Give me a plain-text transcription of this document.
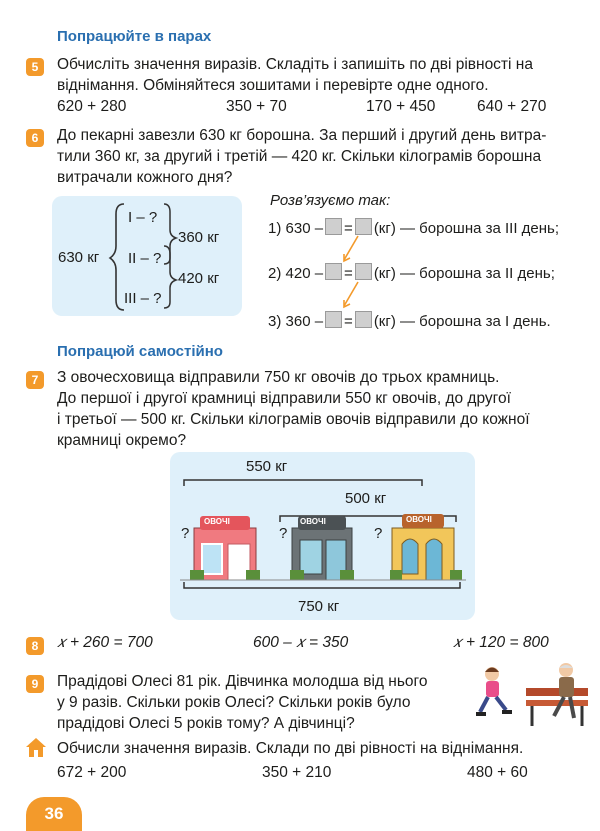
Попрацюйте в парах
5	Обчисліть значення виразів. Складіть і запишіть по дві рівності на
віднімання. Обміняйтеся зошитами і перевірте одне одного.
620 + 280	350 + 70	170 + 450	640 + 270
6	До пекарні завезли 630 кг борошна. За перший і другий день витра-
тили 360 кг, за другий і третій — 420 кг. Скільки кілограмів борошна
витрачали кожного дня?
630 кг
І – ?
ІІ – ?
ІІІ – ?
360 кг
420 кг
Розв’язуємо так:
1) 630 – = (кг) — борошна за ІІІ день;
2) 420 – = (кг) — борошна за ІІ день;
3) 360 – = (кг) — борошна за І день.
Попрацюй самостійно
7	З овочесховища відправили 750 кг овочів до трьох крамниць.
До першої і другої крамниці відправили 550 кг овочів, до другої
і третьої — 500 кг. Скільки кілограмів овочів відправили до кожної
крамниці окремо?
550 кг
500 кг
750 кг
ОВОЧІ	ОВОЧІ	ОВОЧІ
?	?	?
8	𝑥 + 260 = 700	600 – 𝑥 = 350	𝑥 + 120 = 800
9	Прадідові Олесі 81 рік. Дівчинка молодша від нього
у 9 разів. Скільки років Олесі? Скільки років було
прадідові Олесі 5 років тому? А дівчинці?
Обчисли значення виразів. Склади по дві рівності на віднімання.
672 + 200	350 + 210	480 + 60
36
